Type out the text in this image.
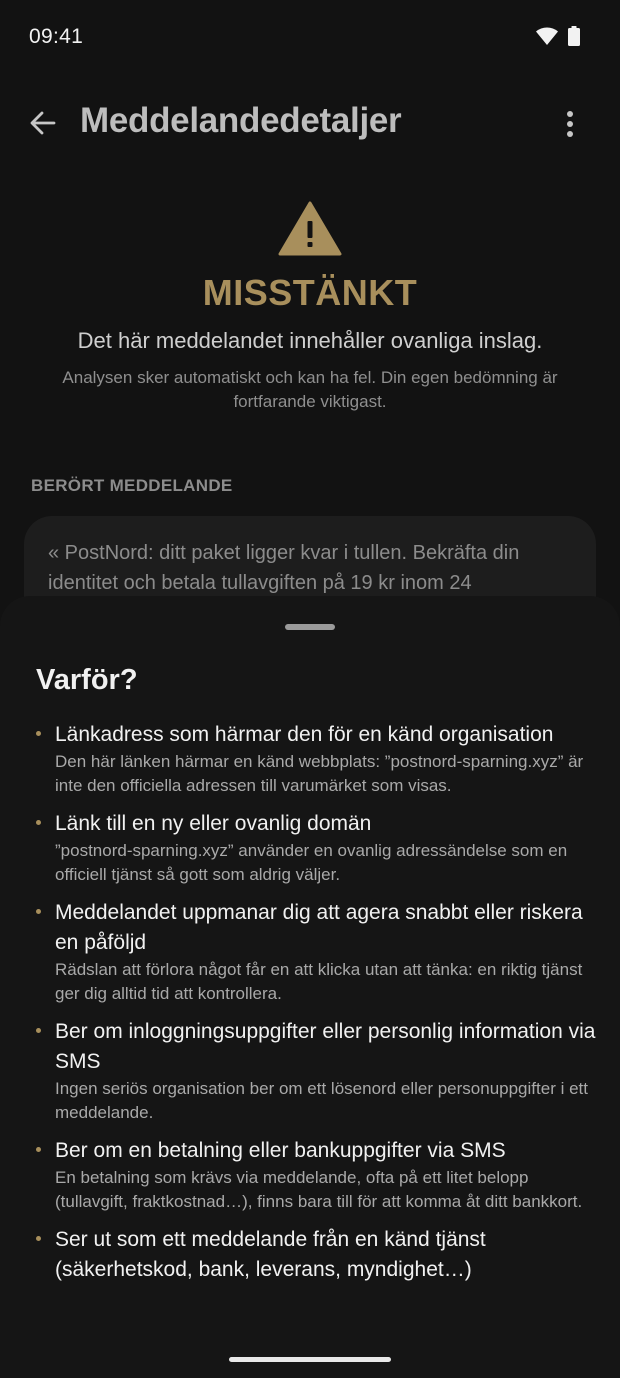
09:41
Meddelandedetaljer
MISSTÄNKT
Det här meddelandet innehåller ovanliga inslag.
Analysen sker automatiskt och kan ha fel. Din egen bedömning är fortfarande viktigast.
BERÖRT MEDDELANDE
« PostNord: ditt paket ligger kvar i tullen. Bekräfta din identitet och betala tullavgiften på 19 kr inom 24
Varför?
Länkadress som härmar den för en känd organisation
Den här länken härmar en känd webbplats: ”postnord-sparning.xyz” är inte den officiella adressen till varumärket som visas.
Länk till en ny eller ovanlig domän
”postnord-sparning.xyz” använder en ovanlig adressändelse som en officiell tjänst så gott som aldrig väljer.
Meddelandet uppmanar dig att agera snabbt eller riskera en påföljd
Rädslan att förlora något får en att klicka utan att tänka: en riktig tjänst ger dig alltid tid att kontrollera.
Ber om inloggningsuppgifter eller personlig information via SMS
Ingen seriös organisation ber om ett lösenord eller personuppgifter i ett meddelande.
Ber om en betalning eller bankuppgifter via SMS
En betalning som krävs via meddelande, ofta på ett litet belopp (tullavgift, fraktkostnad…), finns bara till för att komma åt ditt bankkort.
Ser ut som ett meddelande från en känd tjänst (säkerhetskod, bank, leverans, myndighet…)
